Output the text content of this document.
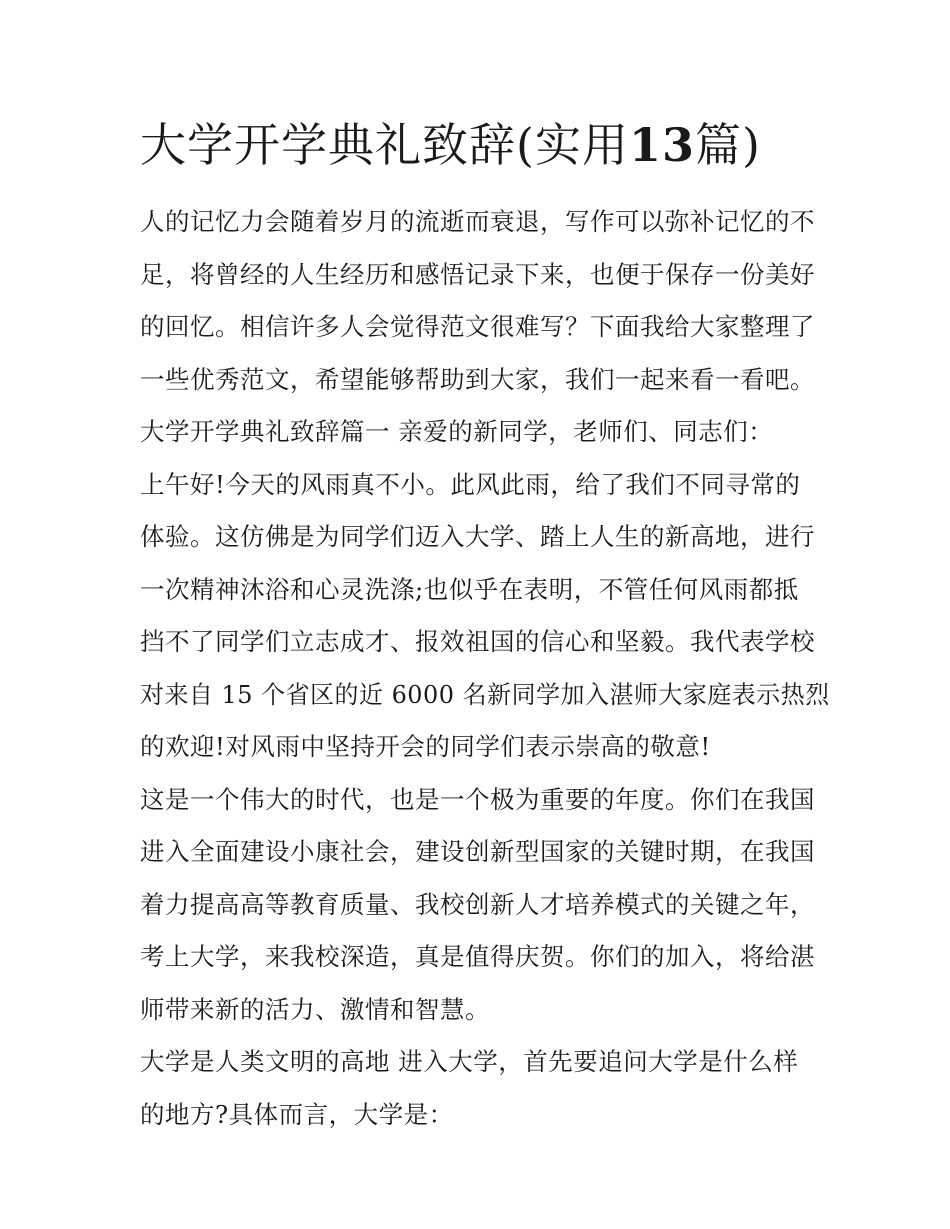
大学开学典礼致辞(实用13篇)
人的记忆力会随着岁月的流逝而衰退，写作可以弥补记忆的不
足，将曾经的人生经历和感悟记录下来，也便于保存一份美好
的回忆。相信许多人会觉得范文很难写？下面我给大家整理了
一些优秀范文，希望能够帮助到大家，我们一起来看一看吧。
大学开学典礼致辞篇一 亲爱的新同学，老师们、同志们：
上午好!今天的风雨真不小。此风此雨，给了我们不同寻常的
体验。这仿佛是为同学们迈入大学、踏上人生的新高地，进行
一次精神沐浴和心灵洗涤;也似乎在表明，不管任何风雨都抵
挡不了同学们立志成才、报效祖国的信心和坚毅。我代表学校
对来自 15 个省区的近 6000 名新同学加入湛师大家庭表示热烈
的欢迎!对风雨中坚持开会的同学们表示崇高的敬意!
这是一个伟大的时代，也是一个极为重要的年度。你们在我国
进入全面建设小康社会，建设创新型国家的关键时期，在我国
着力提高高等教育质量、我校创新人才培养模式的关键之年，
考上大学，来我校深造，真是值得庆贺。你们的加入，将给湛
师带来新的活力、激情和智慧。
大学是人类文明的高地 进入大学，首先要追问大学是什么样
的地方?具体而言，大学是：
